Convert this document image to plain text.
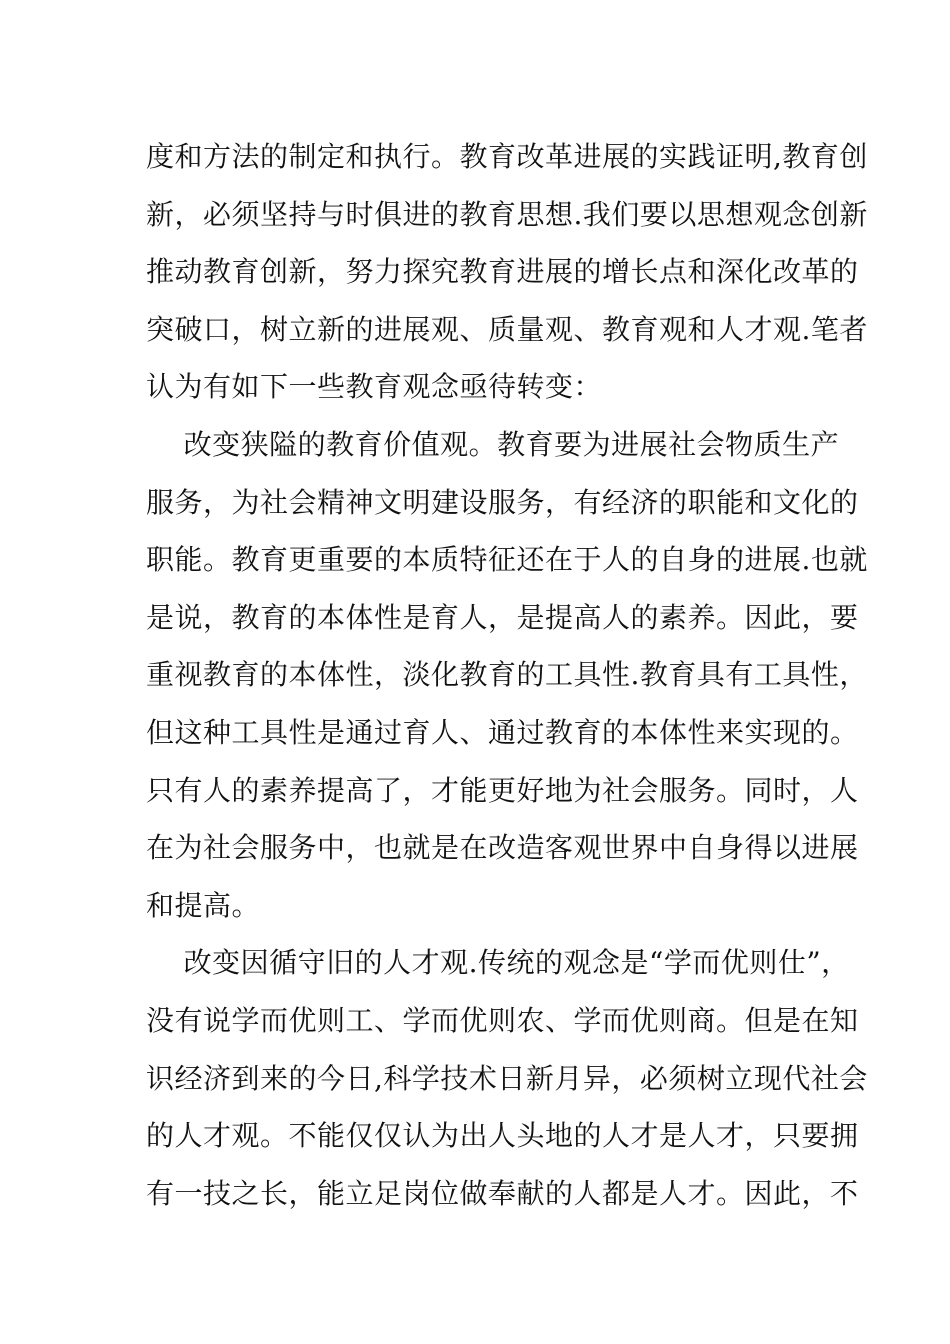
度和方法的制定和执行。教育改革进展的实践证明,教育创
新，必须坚持与时俱进的教育思想.我们要以思想观念创新
推动教育创新，努力探究教育进展的增长点和深化改革的
突破口，树立新的进展观、质量观、教育观和人才观.笔者
认为有如下一些教育观念亟待转变：
改变狭隘的教育价值观。教育要为进展社会物质生产
服务，为社会精神文明建设服务，有经济的职能和文化的
职能。教育更重要的本质特征还在于人的自身的进展.也就
是说，教育的本体性是育人，是提高人的素养。因此，要
重视教育的本体性，淡化教育的工具性.教育具有工具性，
但这种工具性是通过育人、通过教育的本体性来实现的。
只有人的素养提高了，才能更好地为社会服务。同时，人
在为社会服务中，也就是在改造客观世界中自身得以进展
和提高。
改变因循守旧的人才观.传统的观念是“学而优则仕”，
没有说学而优则工、学而优则农、学而优则商。但是在知
识经济到来的今日,科学技术日新月异，必须树立现代社会
的人才观。不能仅仅认为出人头地的人才是人才，只要拥
有一技之长，能立足岗位做奉献的人都是人才。因此，不
